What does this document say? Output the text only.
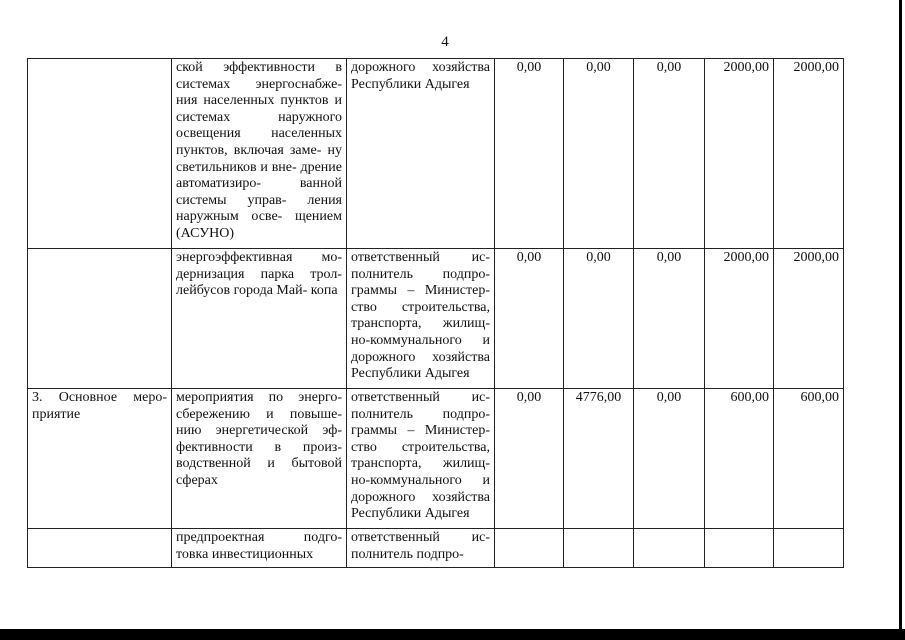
4
	ской эффективности в системах энергоснабже- ния населенных пунктов и системах наружного освещения населенных пунктов, включая заме- ну светильников и вне- дрение автоматизиро- ванной системы управ- ления наружным осве- щением (АСУНО)	дорожного хозяйства Республики Адыгея	0,00	0,00	0,00	2000,00	2000,00
	энергоэффективная мо- дернизация парка трол- лейбусов города Май- копа	ответственный ис- полнитель подпро- граммы – Министер- ство строительства, транспорта, жилищ- но-коммунального и дорожного хозяйства Республики Адыгея	0,00	0,00	0,00	2000,00	2000,00
3. Основное меро- приятие	мероприятия по энерго- сбережению и повыше- нию энергетической эф- фективности в произ- водственной и бытовой сферах	ответственный ис- полнитель подпро- граммы – Министер- ство строительства, транспорта, жилищ- но-коммунального и дорожного хозяйства Республики Адыгея	0,00	4776,00	0,00	600,00	600,00
	предпроектная подго- товка инвестиционных	ответственный ис- полнитель подпро-					
